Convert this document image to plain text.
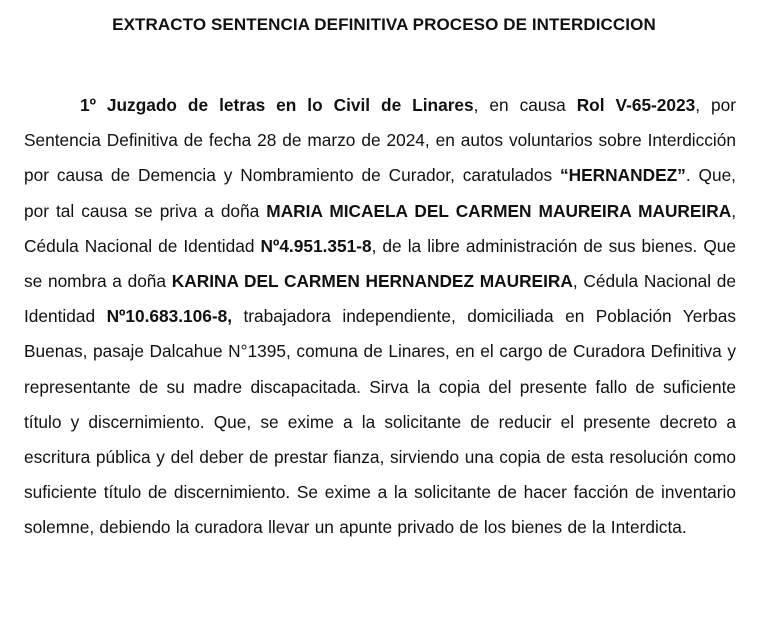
EXTRACTO SENTENCIA DEFINITIVA PROCESO DE INTERDICCION

1º Juzgado de letras en lo Civil de Linares, en causa Rol V-65-2023, por Sentencia Definitiva de fecha 28 de marzo de 2024, en autos voluntarios sobre Interdicción por causa de Demencia y Nombramiento de Curador, caratulados “HERNANDEZ”. Que, por tal causa se priva a doña MARIA MICAELA DEL CARMEN MAUREIRA MAUREIRA, Cédula Nacional de Identidad Nº4.951.351-8, de la libre administración de sus bienes. Que se nombra a doña KARINA DEL CARMEN HERNANDEZ MAUREIRA, Cédula Nacional de Identidad Nº10.683.106-8, trabajadora independiente, domiciliada en Población Yerbas Buenas, pasaje Dalcahue N°1395, comuna de Linares, en el cargo de Curadora Definitiva y representante de su madre discapacitada. Sirva la copia del presente fallo de suficiente título y discernimiento. Que, se exime a la solicitante de reducir el presente decreto a escritura pública y del deber de prestar fianza, sirviendo una copia de esta resolución como suficiente título de discernimiento. Se exime a la solicitante de hacer facción de inventario solemne, debiendo la curadora llevar un apunte privado de los bienes de la Interdicta.
